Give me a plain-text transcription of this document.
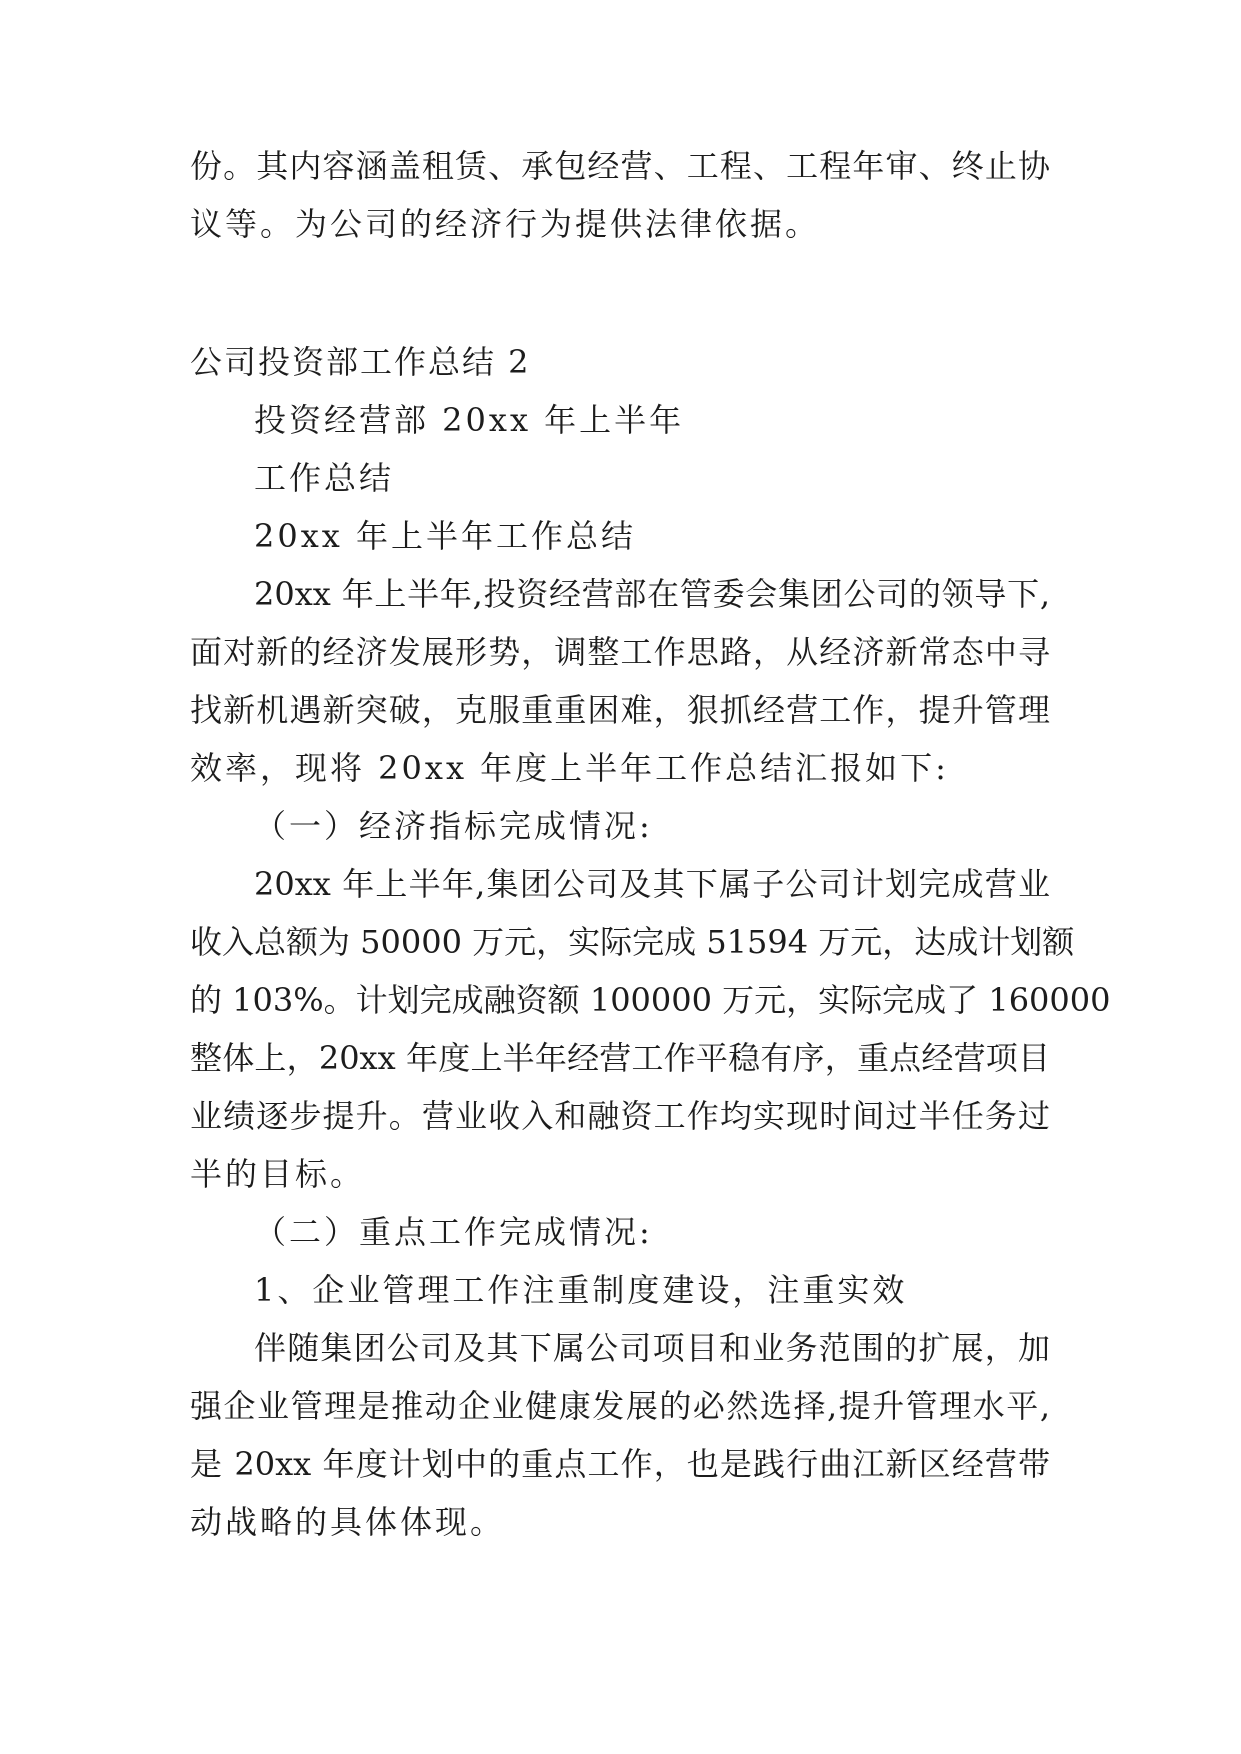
份。其内容涵盖租赁、承包经营、工程、工程年审、终止协
议等。为公司的经济行为提供法律依据。
公司投资部工作总结 2
投资经营部 20xx 年上半年
工作总结
20xx 年上半年工作总结
20xx 年上半年,投资经营部在管委会集团公司的领导下,
面对新的经济发展形势，调整工作思路，从经济新常态中寻
找新机遇新突破，克服重重困难，狠抓经营工作，提升管理
效率，现将 20xx 年度上半年工作总结汇报如下:
（一）经济指标完成情况:
20xx 年上半年,集团公司及其下属子公司计划完成营业
收入总额为 50000 万元，实际完成 51594 万元，达成计划额
的 103%。计划完成融资额 100000 万元，实际完成了 160000
整体上，20xx 年度上半年经营工作平稳有序，重点经营项目
业绩逐步提升。营业收入和融资工作均实现时间过半任务过
半的目标。
（二）重点工作完成情况:
1、企业管理工作注重制度建设，注重实效
伴随集团公司及其下属公司项目和业务范围的扩展，加
强企业管理是推动企业健康发展的必然选择,提升管理水平,
是 20xx 年度计划中的重点工作，也是践行曲江新区经营带
动战略的具体体现。
